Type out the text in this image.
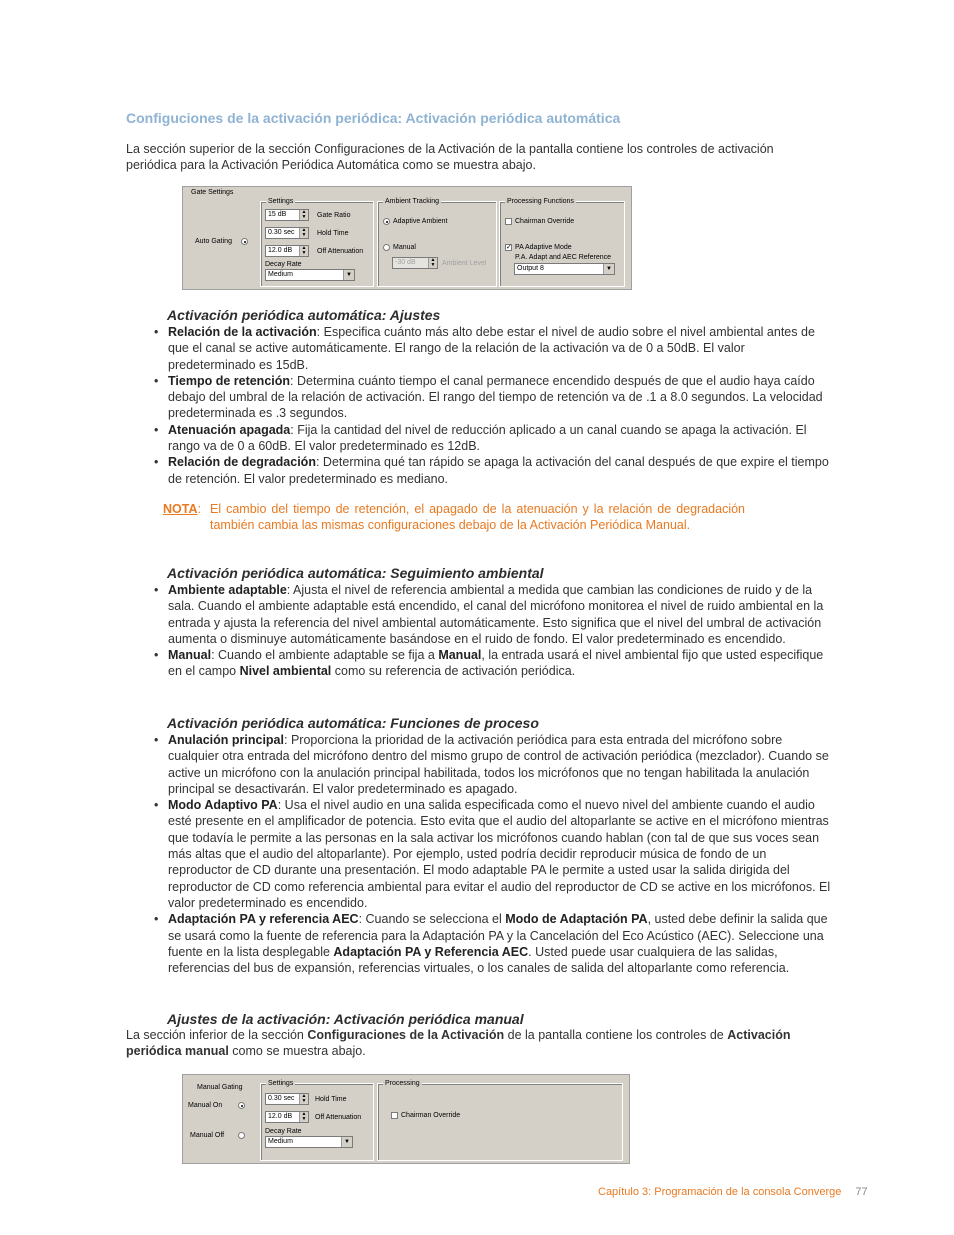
Configuciones de la activación periódica: Activación periódica automática

La sección superior de la sección Configuraciones de la Activación de la pantalla contiene los controles de activación periódica para la Activación Periódica Automática como se muestra abajo.

Gate Settings
Auto Gating
Settings
15 dB	▲
▼ Gate Ratio
0.30 sec	▲
▼ Hold Time
12.0 dB	▲
▼ Off Attenuation
Decay Rate
Medium	▼
Ambient Tracking
Adaptive Ambient
Manual
-30 dB	▲
▼ Ambient Level
Processing Functions
Chairman Override
✓ PA Adaptive Mode
P.A. Adapt and AEC Reference
Output 8	▼
Activación periódica automática: Ajustes
• Relación de la activación: Especifica cuánto más alto debe estar el nivel de audio sobre el nivel ambiental antes de que el canal se active automáticamente. El rango de la relación de la activación va de 0 a 50dB. El valor predeterminado es 15dB.
• Tiempo de retención: Determina cuánto tiempo el canal permanece encendido después de que el audio haya caído debajo del umbral de la relación de activación. El rango del tiempo de retención va de .1 a 8.0 segundos. La velocidad predeterminada es .3 segundos.
• Atenuación apagada: Fija la cantidad del nivel de reducción aplicado a un canal cuando se apaga la activación. El rango va de 0 a 60dB. El valor predeterminado es 12dB.
• Relación de degradación: Determina qué tan rápido se apaga la activación del canal después de que expire el tiempo de retención. El valor predeterminado es mediano.
NOTA: El cambio del tiempo de retención, el apagado de la atenuación y la relación de degradación también cambia las mismas configuraciones debajo de la Activación Periódica Manual.
Activación periódica automática: Seguimiento ambiental
• Ambiente adaptable: Ajusta el nivel de referencia ambiental a medida que cambian las condiciones de ruido y de la sala. Cuando el ambiente adaptable está encendido, el canal del micrófono monitorea el nivel de ruido ambiental en la entrada y ajusta la referencia del nivel ambiental automáticamente. Esto significa que el nivel del umbral de activación aumenta o disminuye automáticamente basándose en el ruido de fondo. El valor predeterminado es encendido.
• Manual: Cuando el ambiente adaptable se fija a Manual, la entrada usará el nivel ambiental fijo que usted especifique en el campo Nivel ambiental como su referencia de activación periódica.
Activación periódica automática: Funciones de proceso
• Anulación principal: Proporciona la prioridad de la activación periódica para esta entrada del micrófono sobre cualquier otra entrada del micrófono dentro del mismo grupo de control de activación periódica (mezclador). Cuando se active un micrófono con la anulación principal habilitada, todos los micrófonos que no tengan habilitada la anulación principal se desactivarán. El valor predeterminado es apagado.
• Modo Adaptivo PA: Usa el nivel audio en una salida especificada como el nuevo nivel del ambiente cuando el audio esté presente en el amplificador de potencia. Esto evita que el audio del altoparlante se active en el micrófono mientras que todavía le permite a las personas en la sala activar los micrófonos cuando hablan (con tal de que sus voces sean más altas que el audio del altoparlante). Por ejemplo, usted podría decidir reproducir música de fondo de un reproductor de CD durante una presentación. El modo adaptable PA le permite a usted usar la salida dirigida del reproductor de CD como referencia ambiental para evitar el audio del reproductor de CD se active en los micrófonos. El valor predeterminado es encendido.
• Adaptación PA y referencia AEC: Cuando se selecciona el Modo de Adaptación PA, usted debe definir la salida que se usará como la fuente de referencia para la Adaptación PA y la Cancelación del Eco Acústico (AEC). Seleccione una fuente en la lista desplegable Adaptación PA y Referencia AEC. Usted puede usar cualquiera de las salidas, referencias del bus de expansión, referencias virtuales, o los canales de salida del altoparlante como referencia.
Ajustes de la activación: Activación periódica manual

La sección inferior de la sección Configuraciones de la Activación de la pantalla contiene los controles de Activación periódica manual como se muestra abajo.

Manual Gating
Manual On
Manual Off
Settings
0.30 sec	▲
▼ Hold Time
12.0 dB	▲
▼ Off Attenuation
Decay Rate
Medium	▼
Processing
Chairman Override
Capítulo 3: Programación de la consola Converge 77
